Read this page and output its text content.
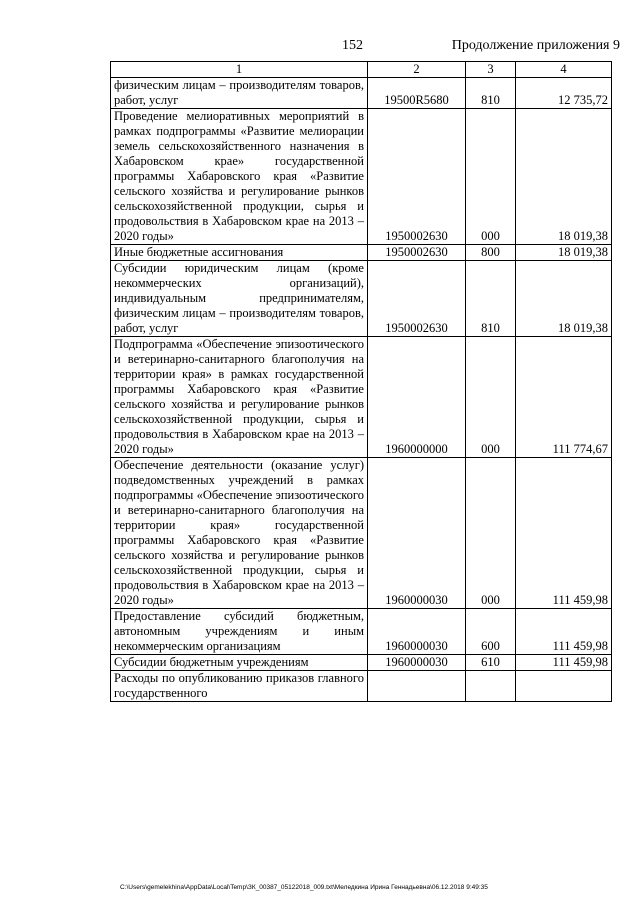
152	Продолжение приложения 9
1	2	3	4
физическим лицам – производителям товаров, работ, услуг	19500R5680	810	12 735,72
Проведение мелиоративных мероприятий в рамках подпрограммы «Развитие мелиорации земель сельскохозяйственного назначения в Хабаровском крае» государственной программы Хабаровского края «Развитие сельского хозяйства и регулирование рынков сельскохозяйственной продукции, сырья и продовольствия в Хабаровском крае на 2013 – 2020 годы»	1950002630	000	18 019,38
Иные бюджетные ассигнования	1950002630	800	18 019,38
Субсидии юридическим лицам (кроме некоммерческих организаций), индивидуальным предпринимателям, физическим лицам – производителям товаров, работ, услуг	1950002630	810	18 019,38
Подпрограмма «Обеспечение эпизоотического и ветеринарно-санитарного благополучия на территории края» в рамках государственной программы Хабаровского края «Развитие сельского хозяйства и регулирование рынков сельскохозяйственной продукции, сырья и продовольствия в Хабаровском крае на 2013 – 2020 годы»	1960000000	000	111 774,67
Обеспечение деятельности (оказание услуг) подведомственных учреждений в рамках подпрограммы «Обеспечение эпизоотического и ветеринарно-санитарного благополучия на территории края» государственной программы Хабаровского края «Развитие сельского хозяйства и регулирование рынков сельскохозяйственной продукции, сырья и продовольствия в Хабаровском крае на 2013 – 2020 годы»	1960000030	000	111 459,98
Предоставление субсидий бюджетным, автономным учреждениям и иным некоммерческим организациям	1960000030	600	111 459,98
Субсидии бюджетным учреждениям	1960000030	610	111 459,98
Расходы по опубликованию приказов главного государственного			
C:\Users\gemelekhina\AppData\Local\Temp\ЗК_00387_05122018_009.txt\Меледкина Ирина Геннадьевна\06.12.2018 9:49:35
